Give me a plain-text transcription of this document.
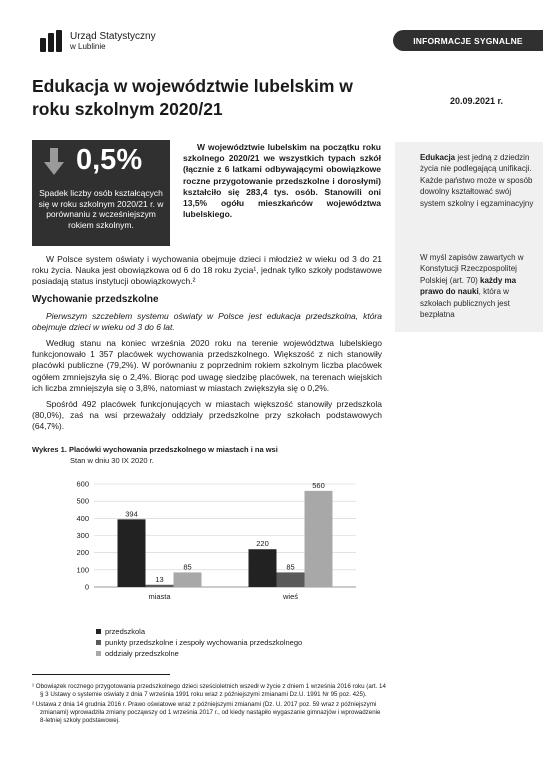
Urząd Statystyczny
w Lublinie
INFORMACJE SYGNALNE
Edukacja w województwie lubelskim w roku szkolnym 2020/21	20.09.2021 r.
Edukacja jest jedną z dziedzin życia nie podlegającą unifikacji. Każde państwo może w sposób dowolny kształtować swój system szkolny i egzaminacyjny
W myśl zapisów zawartych w Konstytucji Rzeczpospolitej Polskiej (art. 70) każdy ma prawo do nauki, która w szkołach publicznych jest bezpłatna
0,5%
Spadek liczby osób kształcących się w roku szkolnym 2020/21 r. w porównaniu z wcześniejszym rokiem szkolnym.
W województwie lubelskim na początku roku szkolnego 2020/21 we wszystkich typach szkół (łącznie z 6 latkami odbywającymi obowiązkowe roczne przygotowanie przedszkolne i dorosłymi) kształciło się 283,4 tys. osób. Stanowili oni 13,5% ogółu mieszkańców województwa lubelskiego.

W Polsce system oświaty i wychowania obejmuje dzieci i młodzież w wieku od 3 do 21 roku życia. Nauka jest obowiązkowa od 6 do 18 roku życia¹, jednak tylko szkoły podstawowe posiadają status instytucji obowiązkowych.²

Wychowanie przedszkolne

Pierwszym szczeblem systemu oświaty w Polsce jest edukacja przedszkolna, która obejmuje dzieci w wieku od 3 do 6 lat.

Według stanu na koniec września 2020 roku na terenie województwa lubelskiego funkcjonowało 1 357 placówek wychowania przedszkolnego. Większość z nich stanowiły placówki publiczne (79,2%). W porównaniu z poprzednim rokiem szkolnym liczba placówek ogółem zmniejszyła się o 2,4%. Biorąc pod uwagę siedzibę placówek, na terenach wiejskich ich liczba zmniejszyła się o 3,8%, natomiast w miastach zwiększyła się o 0,2%.

Spośród 492 placówek funkcjonujących w miastach większość stanowiły przedszkola (80,0%), zaś na wsi przeważały oddziały przedszkolne przy szkołach podstawowych (64,7%).

Wykres 1. Placówki wychowania przedszkolnego w miastach i na wsi
Stan w dniu 30 IX 2020 r.
0
100
200
300
400
500
600
394
13
85
miasta
220
85
560
wieś
przedszkola
punkty przedszkolne i zespoły wychowania przedszkolnego
oddziały przedszkolne

¹ Obowiązek rocznego przygotowania przedszkolnego dzieci sześcioletnich wszedł w życie z dniem 1 września 2016 roku (art. 14 § 3 Ustawy o systemie oświaty z dnia 7 września 1991 roku wraz z późniejszymi zmianami Dz.U. 1991 Nr 95 poz. 425).

² Ustawa z dnia 14 grudnia 2016 r. Prawo oświatowe wraz z późniejszymi zmianami (Dz. U. 2017 poz. 59 wraz z późniejszymi zmianami) wprowadziła zmiany począwszy od 1 września 2017 r., od kiedy nastąpiło wygaszanie gimnazjów i wprowadzenie 8-letniej szkoły podstawowej.
